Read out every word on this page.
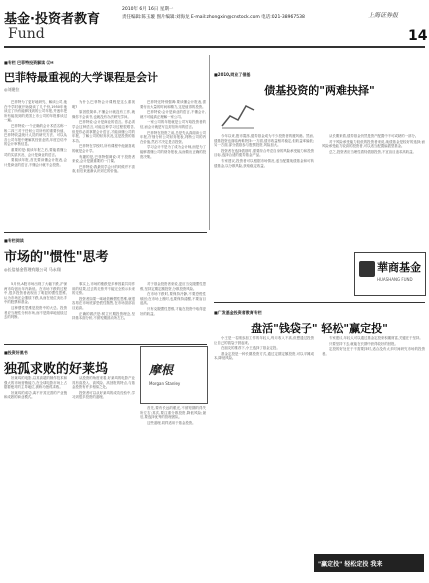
基金·投资者教育
Fund
2010年 6月 16日 星期一
责任编辑:陈玉璇 图片编辑:刘海龙 E-mail:zhongxin@cnstock.com 电话:021-38967538	上海证券报
14
■专栏 巴菲特投资解读 ⑵④
巴菲特最重视的大学课程是会计
◎刘建位

巴菲特为了更好地研究、解读公司,他在中学时就开始阅读了几千份,1950年他读过了所有能够找到的公司年报,并逐年把所有能找到的美国上市公司的年报都读过一遍。

巴菲特说:一个正确的会计术语名称一般二四三对于任何公司所有的重要价值、巴菲特收益统计人员的研究方法、可以从各公司年报中理解其经营业绩,年度总结中的会计审核信息。

重要的是:阅读年报之后,要能看懂公司的实质状况、会计是商业的语言。

要阅读年报,首先要读懂会计报表,会计是商业的语言,不懂会计就不会投资。

为什么巴菲特会计课程是这么重视呢?

原因很简单,不懂会计就没有工作,就像你不会读书,也就没有办法研究学问。

巴菲特说:会计是商业的语言。你必须学会这种语言,可能这种学习过程很艰苦,但是你必须掌握会计语言,才能读懂公司的年报、了解公司的财务状况,这是投资的基本功。

巴菲特在学校时,所有课程中他最喜欢的就是会计学。

有趣的是,巴菲特强调说:对于投资者来说,会计是最重要的一门课。

巴菲特说:我最初学会计的时候并不喜欢,但后来逐渐认识到它的价值。

巴菲特还特别强调:要读懂会计报表,需要付出大量的时间和精力,这是值得的投资。

巴菲特说:会计是商业的语言,不懂会计,就不可能真正理解一家公司。

一家公司的年报就是公司写给投资者的信,而会计就是写这封信所用的语言。

巴菲特在投资之前,总是先认真阅读公司年报,仔细分析公司财务报表,判断公司的内在价值,然后才决定是否投资。

学习会计不是为了成为会计师,而是为了能够看懂公司的财务报表,从而做出正确的投资决策。

■2010,同业了借基
债基投资的"两难抉择"

今年以来,股市震荡,债券基金成为不少投资者的避风港。然而,债基投资也面临两难抉择:一方面,债市收益相对稳定,但收益率偏低;另一方面,部分债基参与股票投资,风险加大。

投资者在选择债基时,需要综合考虑自身的风险承受能力和投资目标,选择合适的债券基金产品。

专家建议,投资者可以根据市场情况,适当配置纯债基金和可转债基金,以分散风险,获取稳定收益。

从长期来看,债券基金仍然是资产配置中不可或缺的一部分。

对于风险承受能力较低的投资者来说,纯债基金是较好的选择;而风险承受能力较高的投资者,可以适当配置偏债型基金。

总之,投资者应当理性看待债基投资,不宜盲目追求高收益。

華商基金
HUASHANG FUND
■专栏阅读
市场的"惯性"思考
◎长信基金管理有限公司 马永翔

5月份,A股市场出现了大幅下跌,沪深两市均创出年内新低。在市场下跌的过程中,很多投资者表现出了明显的惯性思维,认为市场还会继续下跌,从而在低位卖出手中的股票和基金。

这种惯性思维是投资中的大忌。投资者应当理性分析市场,而不是简单地延续过去的判断。

事实上,市场的涨跌是多种因素共同作用的结果,过去的走势并不能完全预示未来的走势。

投资者如果一味地依赖惯性思维,就很容易在市场底部恐慌性抛售,在市场顶部盲目追高。

正确的做法是:树立长期投资理念,坚持基本面分析,不被短期波动所左右。

对于基金投资者来说,更应当克服惯性思维,坚持定期定额投资,分散投资风险。

在市场下跌时,要保持冷静,不要恐慌性赎回;在市场上涨时,也要保持清醒,不要盲目追高。

只有克服惯性思维,才能在投资中取得更好的收益。	■广发基金投资者教育专栏
盘活"钱袋子" 轻松"赢定投"

小王是一名刚参加工作的年轻人,每月收入不高,但想通过投资让自己的钱袋子鼓起来。

在朋友的推荐下,小王选择了基金定投。

基金定投是一种长期投资方式,通过定期定额投资,可以平摊成本,降低风险。

专家建议,年轻人可以通过基金定投来积累财富,关键在于坚持。

只要坚持下去,就能在长期中获得较好的回报。

定投的好处在于不需要择时,适合没有太多时间研究市场的投资者。

"赢定投" 轻松定投 我来
■投资好黑书
独孤求败的好莱坞

好莱坞的电影,以其高超的制作技术和强大的市场营销能力,在全球电影市场上占据着绝对的主导地位,被称为独孤求败。

好莱坞的成功,离不开其完善的产业链和成熟的商业模式。

从投资的角度来看,好莱坞的电影产业具有高投入、高风险、高回报的特点,与基金投资有许多相似之处。

投资者可以从好莱坞的成功经验中,学习到很多投资的道理。

首先,要有长远的眼光,不被短期的得失所左右;其次,要注重分散投资,降低风险;最后,要选择优秀的管理团队。

这些道理,同样适用于基金投资。

摩根
Morgan Stanley
